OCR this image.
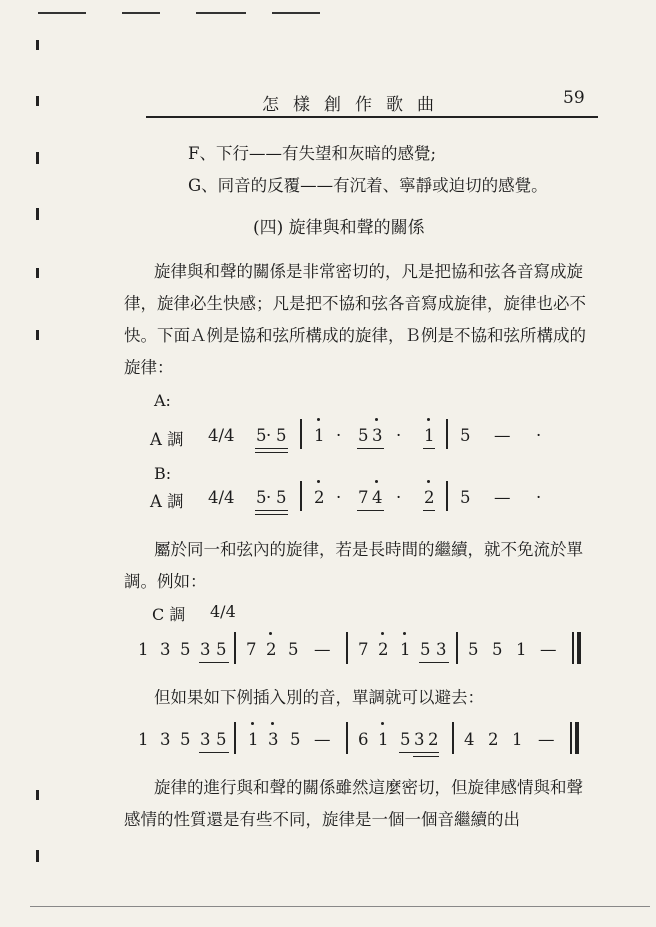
怎樣創作歌曲	59
F、下行——有失望和灰暗的感覺;
G、同音的反覆——有沉着、寧靜或迫切的感覺。
(四) 旋律與和聲的關係
旋律與和聲的關係是非常密切的，凡是把協和弦各音寫成旋律，旋律必生快感；凡是把不協和弦各音寫成旋律，旋律也必不快。下面Ａ例是協和弦所構成的旋律，Ｂ例是不協和弦所構成的旋律：
A:
A 調 4/4 5 · 5 1 · 5 3 · 1 5 — ·
B:
A 調 4/4 5 · 5 2 · 7 4 · 2 5 — ·
屬於同一和弦內的旋律，若是長時間的繼續，就不免流於單調。例如：
C 調 4/4
1 3 5 3 5 7 2 5 — 7 2 1 5 3 5 5 1 —
但如果如下例插入別的音，單調就可以避去：
1 3 5 3 5 1 3 5 — 6 1 5 3 2 4 2 1 —
旋律的進行與和聲的關係雖然這麼密切，但旋律感情與和聲感情的性質還是有些不同，旋律是一個一個音繼續的出
